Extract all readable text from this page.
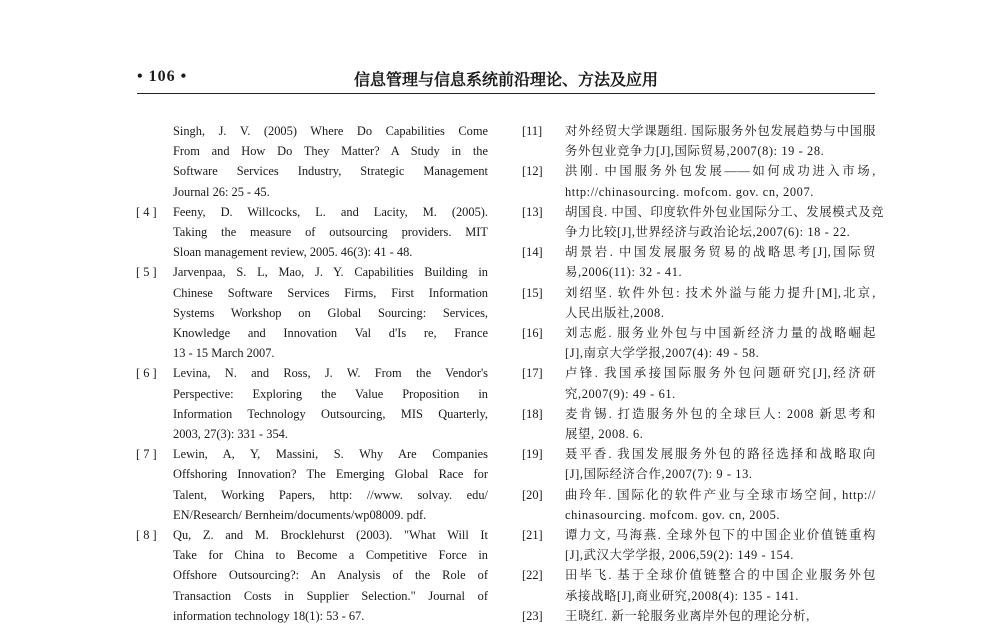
• 106 •	信息管理与信息系统前沿理论、方法及应用
Singh, J. V. (2005) Where Do Capabilities Come
From and How Do They Matter? A Study in the
Software Services Industry, Strategic Management
Journal 26: 25 - 45.
[ 4 ]	Feeny, D. Willcocks, L. and Lacity, M. (2005).
Taking the measure of outsourcing providers. MIT
Sloan management review, 2005. 46(3): 41 - 48.
[ 5 ]	Jarvenpaa, S. L, Mao, J. Y. Capabilities Building in
Chinese Software Services Firms, First Information
Systems Workshop on Global Sourcing: Services,
Knowledge and Innovation Val d'Is re, France
13 - 15 March 2007.
[ 6 ]	Levina, N. and Ross, J. W. From the Vendor's
Perspective: Exploring the Value Proposition in
Information Technology Outsourcing, MIS Quarterly,
2003, 27(3): 331 - 354.
[ 7 ]	Lewin, A, Y, Massini, S. Why Are Companies
Offshoring Innovation? The Emerging Global Race for
Talent, Working Papers, http: //www. solvay. edu/
EN/Research/ Bernheim/documents/wp08009. pdf.
[ 8 ]	Qu, Z. and M. Brocklehurst (2003). "What Will It
Take for China to Become a Competitive Force in
Offshore Outsourcing?: An Analysis of the Role of
Transaction Costs in Supplier Selection." Journal of
information technology 18(1): 53 - 67.
[11]	对外经贸大学课题组. 国际服务外包发展趋势与中国服
务外包业竞争力[J],国际贸易,2007(8): 19 - 28.
[12]	洪刚. 中国服务外包发展——如何成功进入市场,
http://chinasourcing. mofcom. gov. cn, 2007.
[13]	胡国良. 中国、印度软件外包业国际分工、发展模式及竞
争力比较[J],世界经济与政治论坛,2007(6): 18 - 22.
[14]	胡景岩. 中国发展服务贸易的战略思考[J],国际贸
易,2006(11): 32 - 41.
[15]	刘绍坚. 软件外包: 技术外溢与能力提升[M],北京,
人民出版社,2008.
[16]	刘志彪. 服务业外包与中国新经济力量的战略崛起
[J],南京大学学报,2007(4): 49 - 58.
[17]	卢锋. 我国承接国际服务外包问题研究[J],经济研
究,2007(9): 49 - 61.
[18]	麦肯锡. 打造服务外包的全球巨人: 2008 新思考和
展望, 2008. 6.
[19]	聂平香. 我国发展服务外包的路径选择和战略取向
[J],国际经济合作,2007(7): 9 - 13.
[20]	曲玲年. 国际化的软件产业与全球市场空间, http://
chinasourcing. mofcom. gov. cn, 2005.
[21]	谭力文, 马海燕. 全球外包下的中国企业价值链重构
[J],武汉大学学报, 2006,59(2): 149 - 154.
[22]	田毕飞. 基于全球价值链整合的中国企业服务外包
承接战略[J],商业研究,2008(4): 135 - 141.
[23]	王晓红. 新一轮服务业离岸外包的理论分析,
